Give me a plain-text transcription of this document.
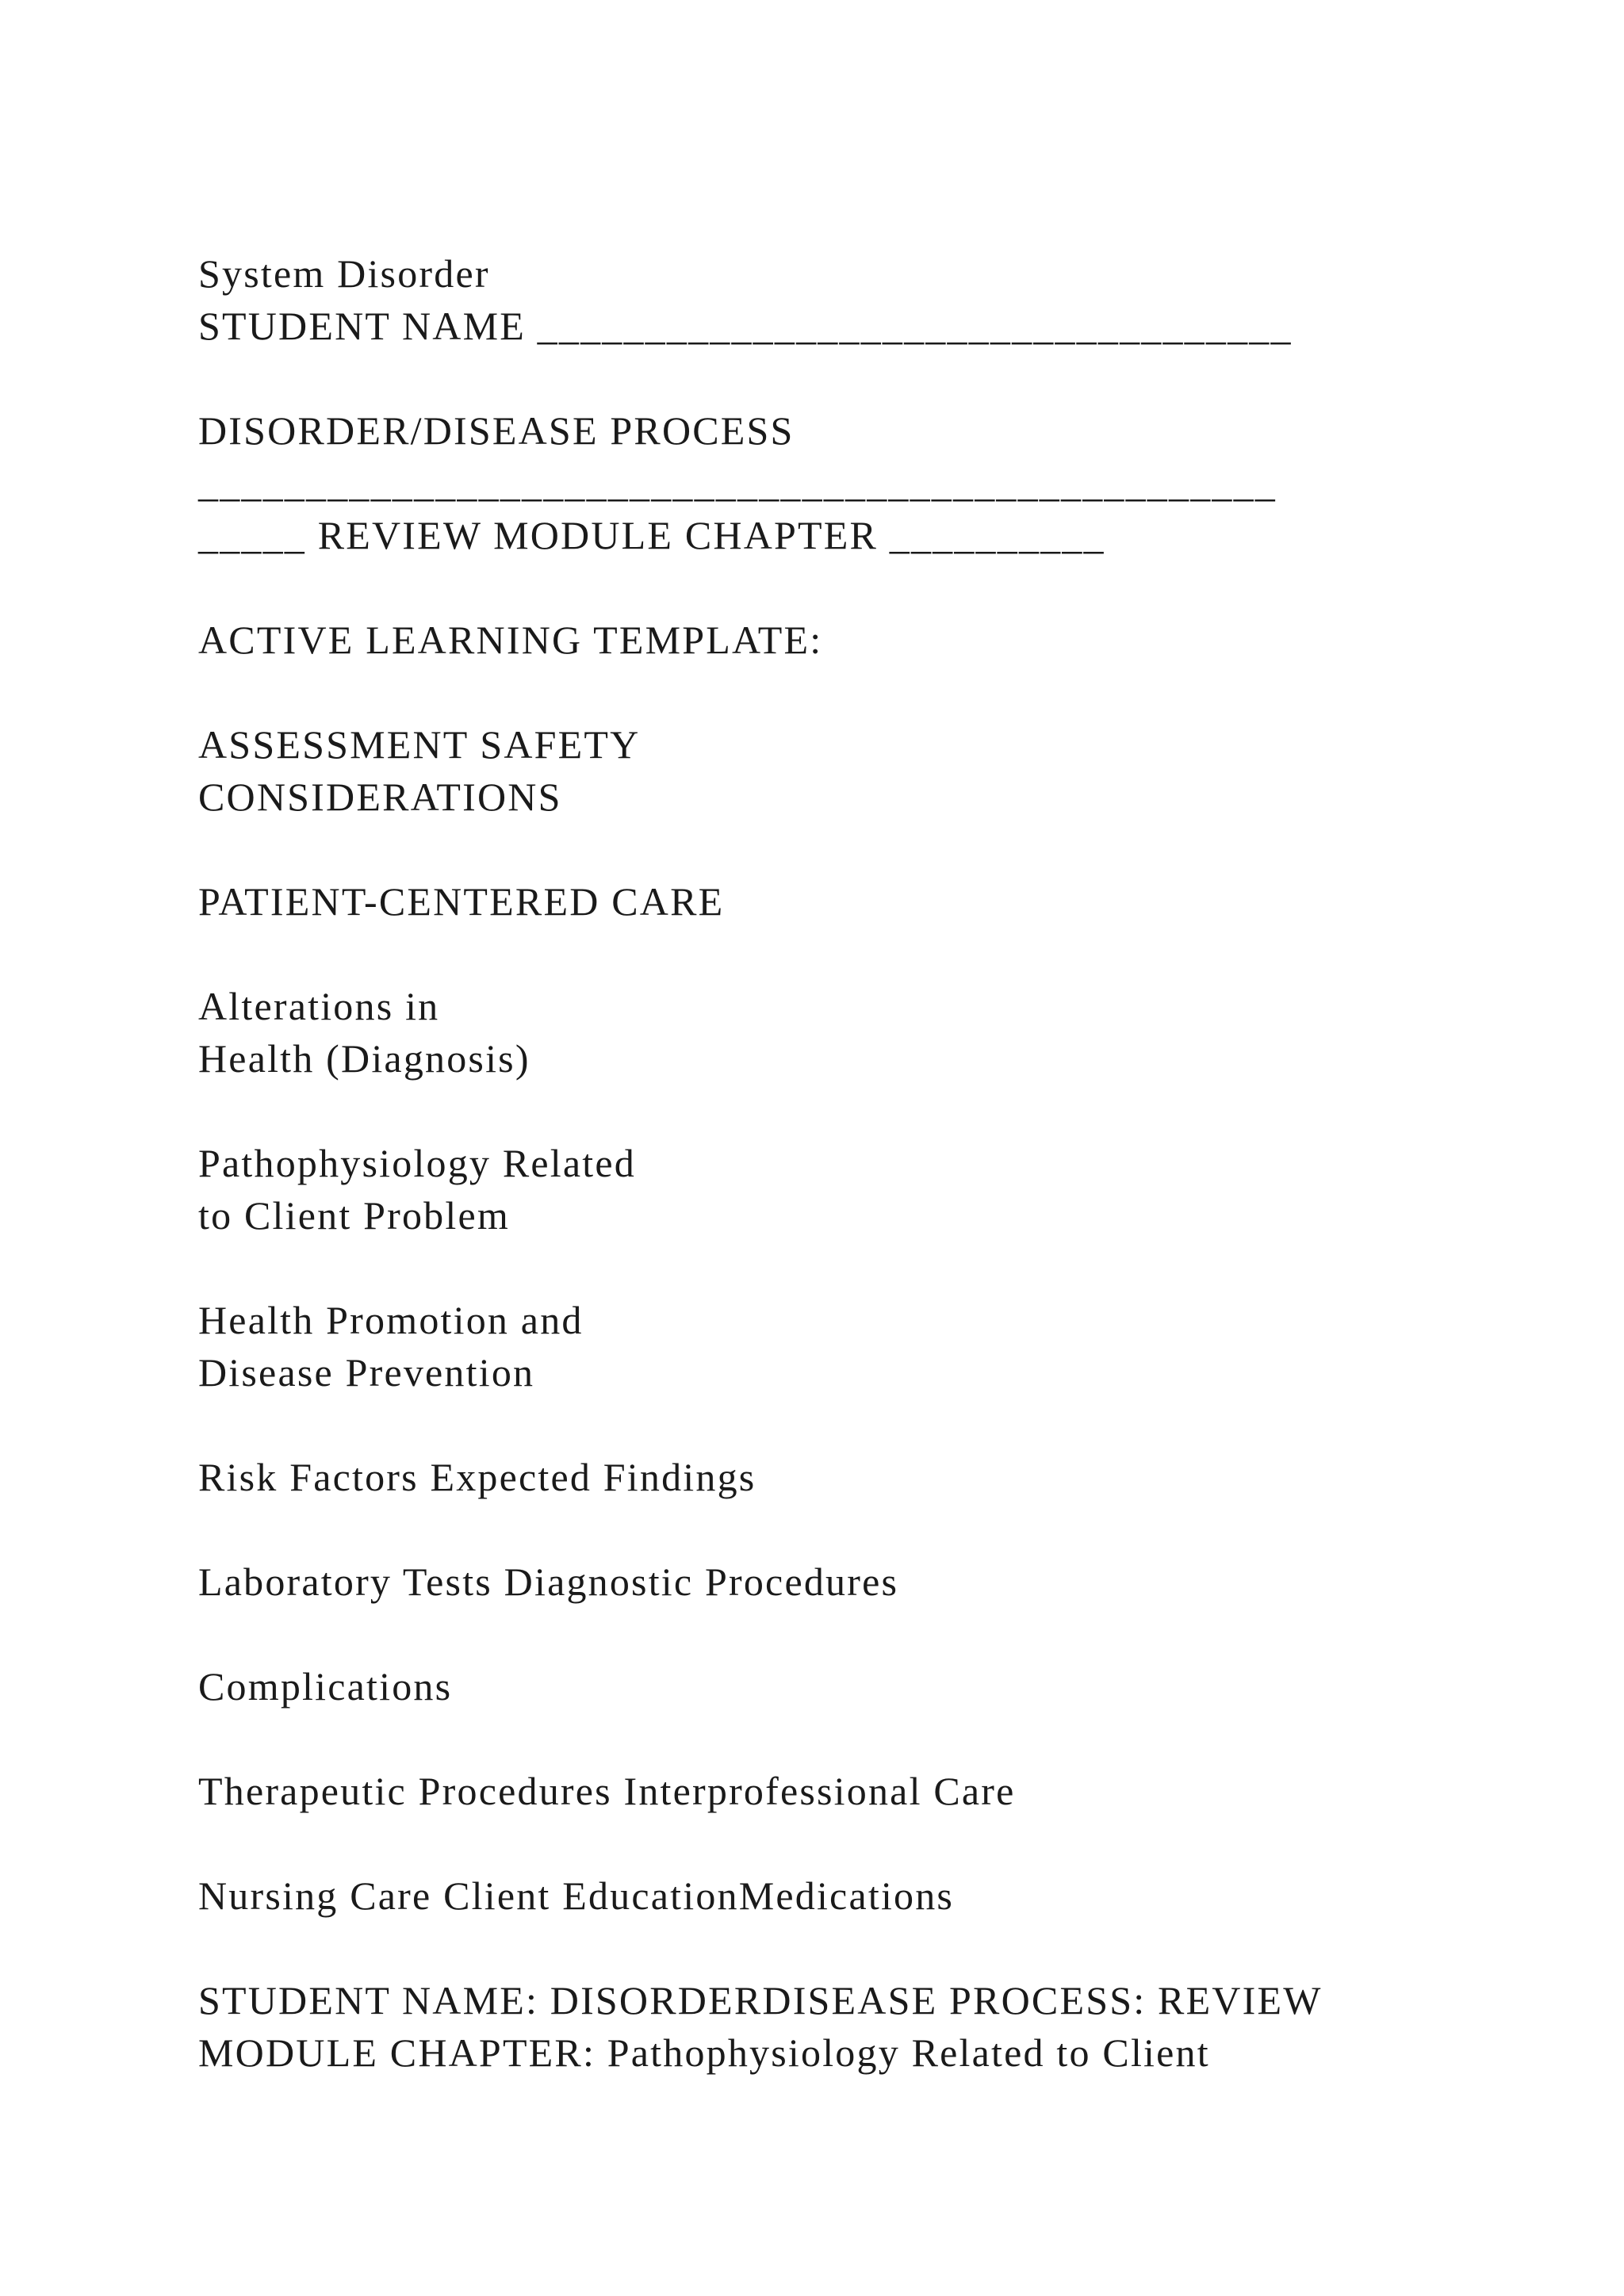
System Disorder
STUDENT NAME ___________________________________
DISORDER/DISEASE PROCESS
__________________________________________________
_____ REVIEW MODULE CHAPTER __________
ACTIVE LEARNING TEMPLATE:
ASSESSMENT SAFETY
CONSIDERATIONS
PATIENT-CENTERED CARE
Alterations in
Health (Diagnosis)
Pathophysiology Related
to Client Problem
Health Promotion and
Disease Prevention
Risk Factors Expected Findings
Laboratory Tests Diagnostic Procedures
Complications
Therapeutic Procedures Interprofessional Care
Nursing Care Client EducationMedications
STUDENT NAME: DISORDERDISEASE PROCESS: REVIEW
MODULE CHAPTER: Pathophysiology Related to Client
